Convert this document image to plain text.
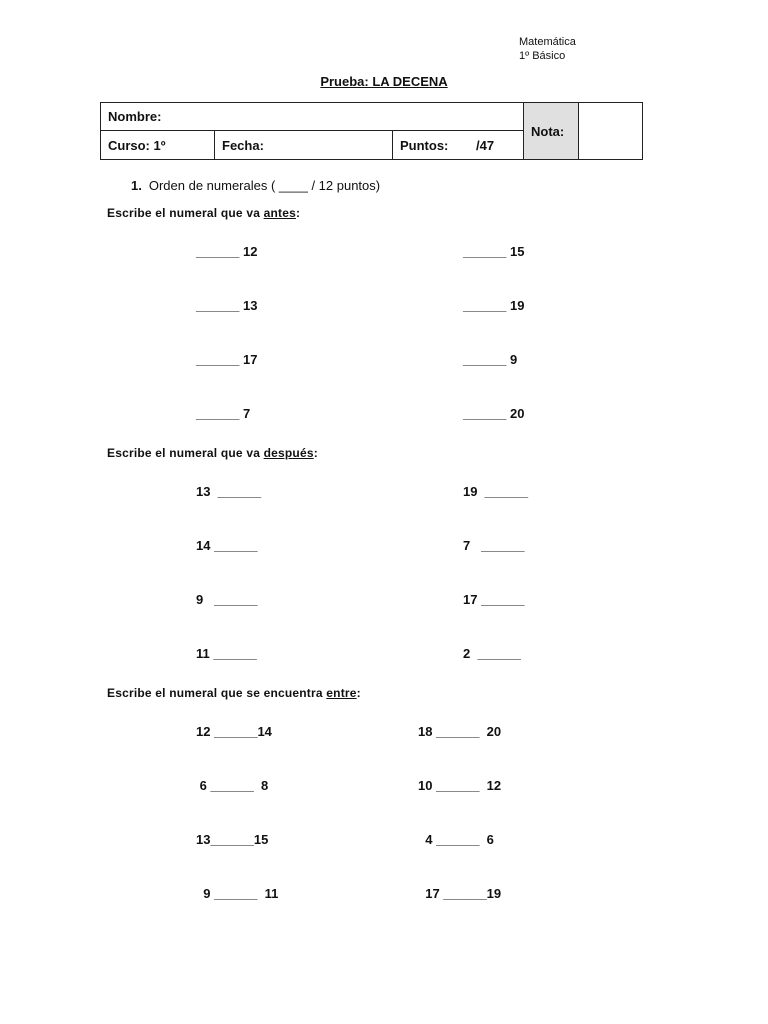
Matemática
1º Básico
Prueba: LA DECENA
Nombre:			Nota:	
Curso: 1º	Fecha:	Puntos: /47		
1. Orden de numerales ( ____ / 12 puntos)
Escribe el numeral que va antes:
______ 12
______ 13
______ 17
______ 7
______ 15
______ 19
______ 9
______ 20
Escribe el numeral que va después:
13  ______
14 ______
9   ______
11 ______
19  ______
7   ______
17 ______
2  ______
Escribe el numeral que se encuentra entre:
12 ______14
6 ______  8
13______15
9 ______  11
18 ______  20
10 ______  12
4 ______  6
17 ______19
